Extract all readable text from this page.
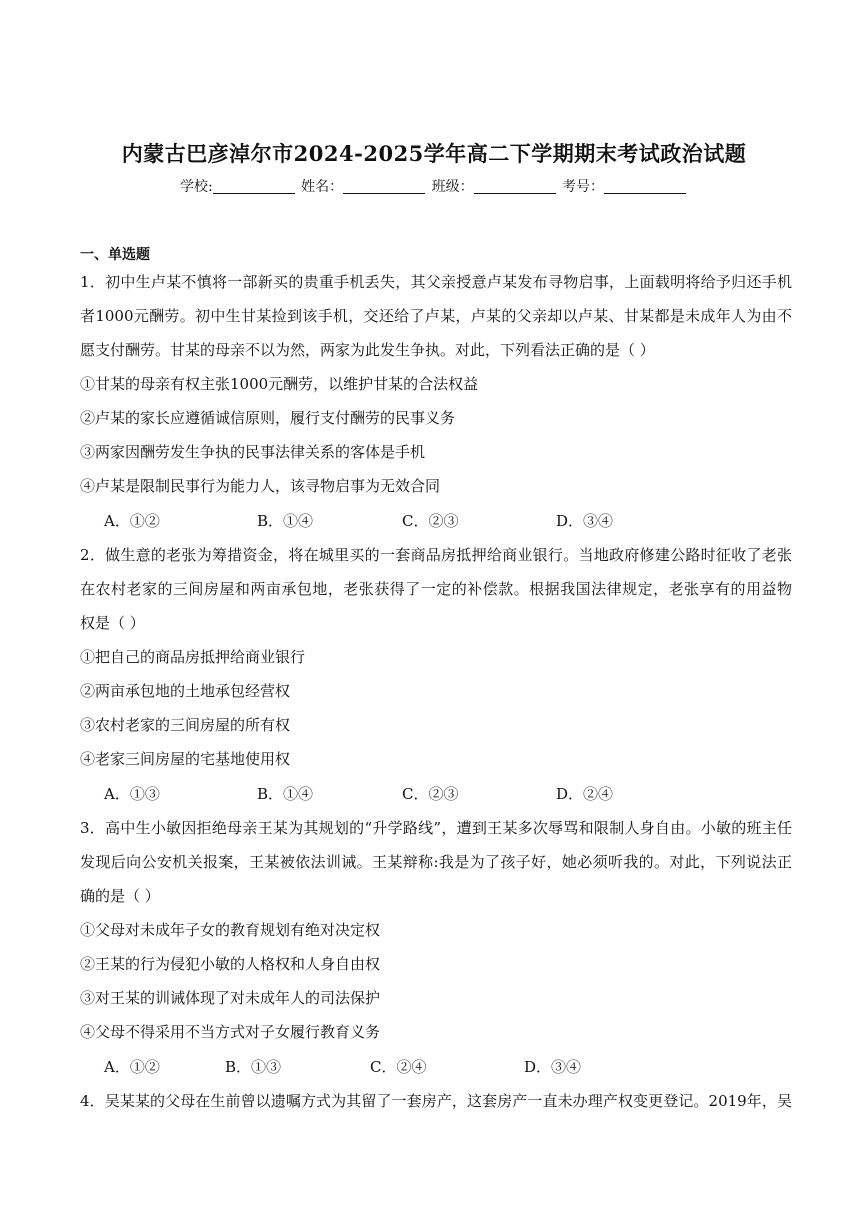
内蒙古巴彦淖尔市2024-2025学年高二下学期期末考试政治试题
学校:	姓名：	班级：	考号：
一、单选题
1．初中生卢某不慎将一部新买的贵重手机丢失，其父亲授意卢某发布寻物启事，上面载明将给予归还手机
者1000元酬劳。初中生甘某捡到该手机，交还给了卢某，卢某的父亲却以卢某、甘某都是未成年人为由不
愿支付酬劳。甘某的母亲不以为然，两家为此发生争执。对此，下列看法正确的是（ ）
①甘某的母亲有权主张1000元酬劳，以维护甘某的合法权益
②卢某的家长应遵循诚信原则，履行支付酬劳的民事义务
③两家因酬劳发生争执的民事法律关系的客体是手机
④卢某是限制民事行为能力人，该寻物启事为无效合同
A．①②	B．①④	C．②③	D．③④
2．做生意的老张为筹措资金，将在城里买的一套商品房抵押给商业银行。当地政府修建公路时征收了老张
在农村老家的三间房屋和两亩承包地，老张获得了一定的补偿款。根据我国法律规定，老张享有的用益物
权是（ ）
①把自己的商品房抵押给商业银行
②两亩承包地的土地承包经营权
③农村老家的三间房屋的所有权
④老家三间房屋的宅基地使用权
A．①③	B．①④	C．②③	D．②④
3．高中生小敏因拒绝母亲王某为其规划的“升学路线”，遭到王某多次辱骂和限制人身自由。小敏的班主任
发现后向公安机关报案，王某被依法训诫。王某辩称:我是为了孩子好，她必须听我的。对此，下列说法正
确的是（ ）
①父母对未成年子女的教育规划有绝对决定权
②王某的行为侵犯小敏的人格权和人身自由权
③对王某的训诫体现了对未成年人的司法保护
④父母不得采用不当方式对子女履行教育义务
A．①②	B．①③	C．②④	D．③④
4．吴某某的父母在生前曾以遗嘱方式为其留了一套房产，这套房产一直未办理产权变更登记。2019年，吴
